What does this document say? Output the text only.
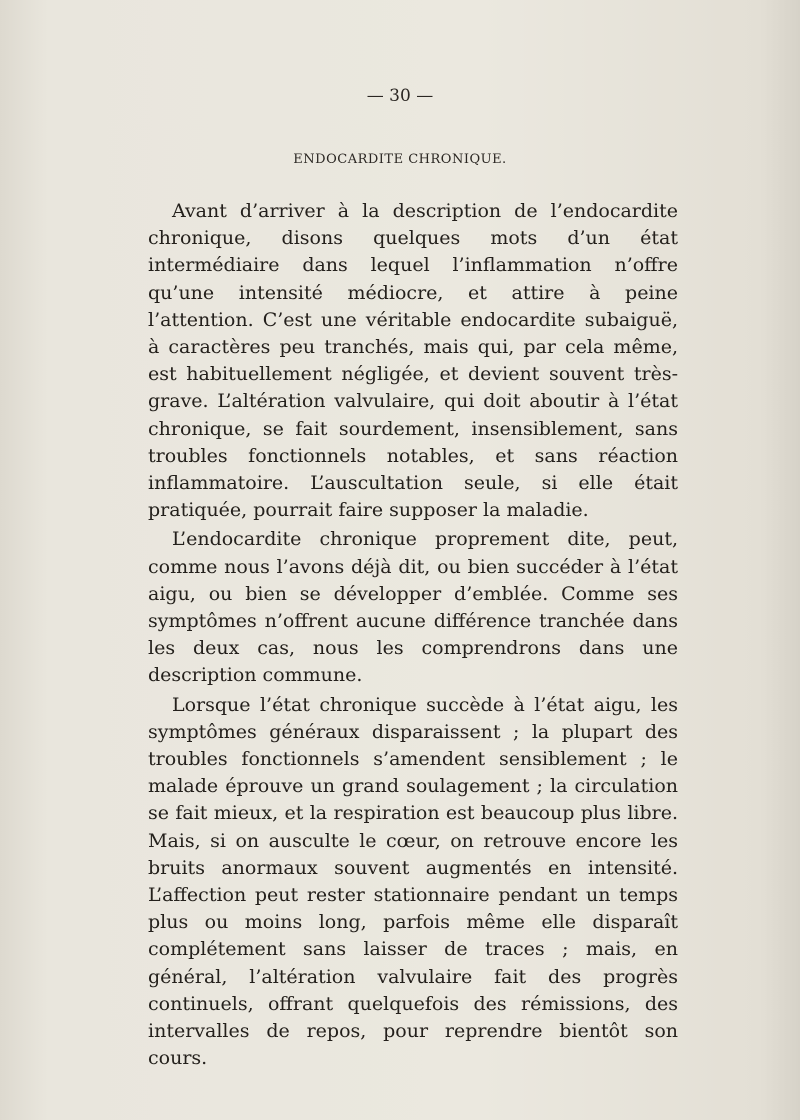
— 30 —
ENDOCARDITE CHRONIQUE.

Avant d’arriver à la description de l’endocardite chronique, disons quelques mots d’un état intermédiaire dans lequel l’inflammation n’offre qu’une intensité médiocre, et attire à peine l’attention. C’est une véritable endocardite subaiguë, à caractères peu tranchés, mais qui, par cela même, est habituellement négligée, et devient souvent très-grave. L’altération valvulaire, qui doit aboutir à l’état chronique, se fait sourdement, insensiblement, sans troubles fonctionnels notables, et sans réaction inflammatoire. L’auscultation seule, si elle était pratiquée, pourrait faire supposer la maladie.

L’endocardite chronique proprement dite, peut, comme nous l’avons déjà dit, ou bien succéder à l’état aigu, ou bien se développer d’emblée. Comme ses symptômes n’offrent aucune différence tranchée dans les deux cas, nous les comprendrons dans une description commune.

Lorsque l’état chronique succède à l’état aigu, les symptômes généraux disparaissent ; la plupart des troubles fonctionnels s’amendent sensiblement ; le malade éprouve un grand soulagement ; la circulation se fait mieux, et la respiration est beaucoup plus libre. Mais, si on ausculte le cœur, on retrouve encore les bruits anormaux souvent augmentés en intensité. L’affection peut rester stationnaire pendant un temps plus ou moins long, parfois même elle disparaît complétement sans laisser de traces ; mais, en général, l’altération valvulaire fait des progrès continuels, offrant quelquefois des rémissions, des intervalles de repos, pour reprendre bientôt son cours.
